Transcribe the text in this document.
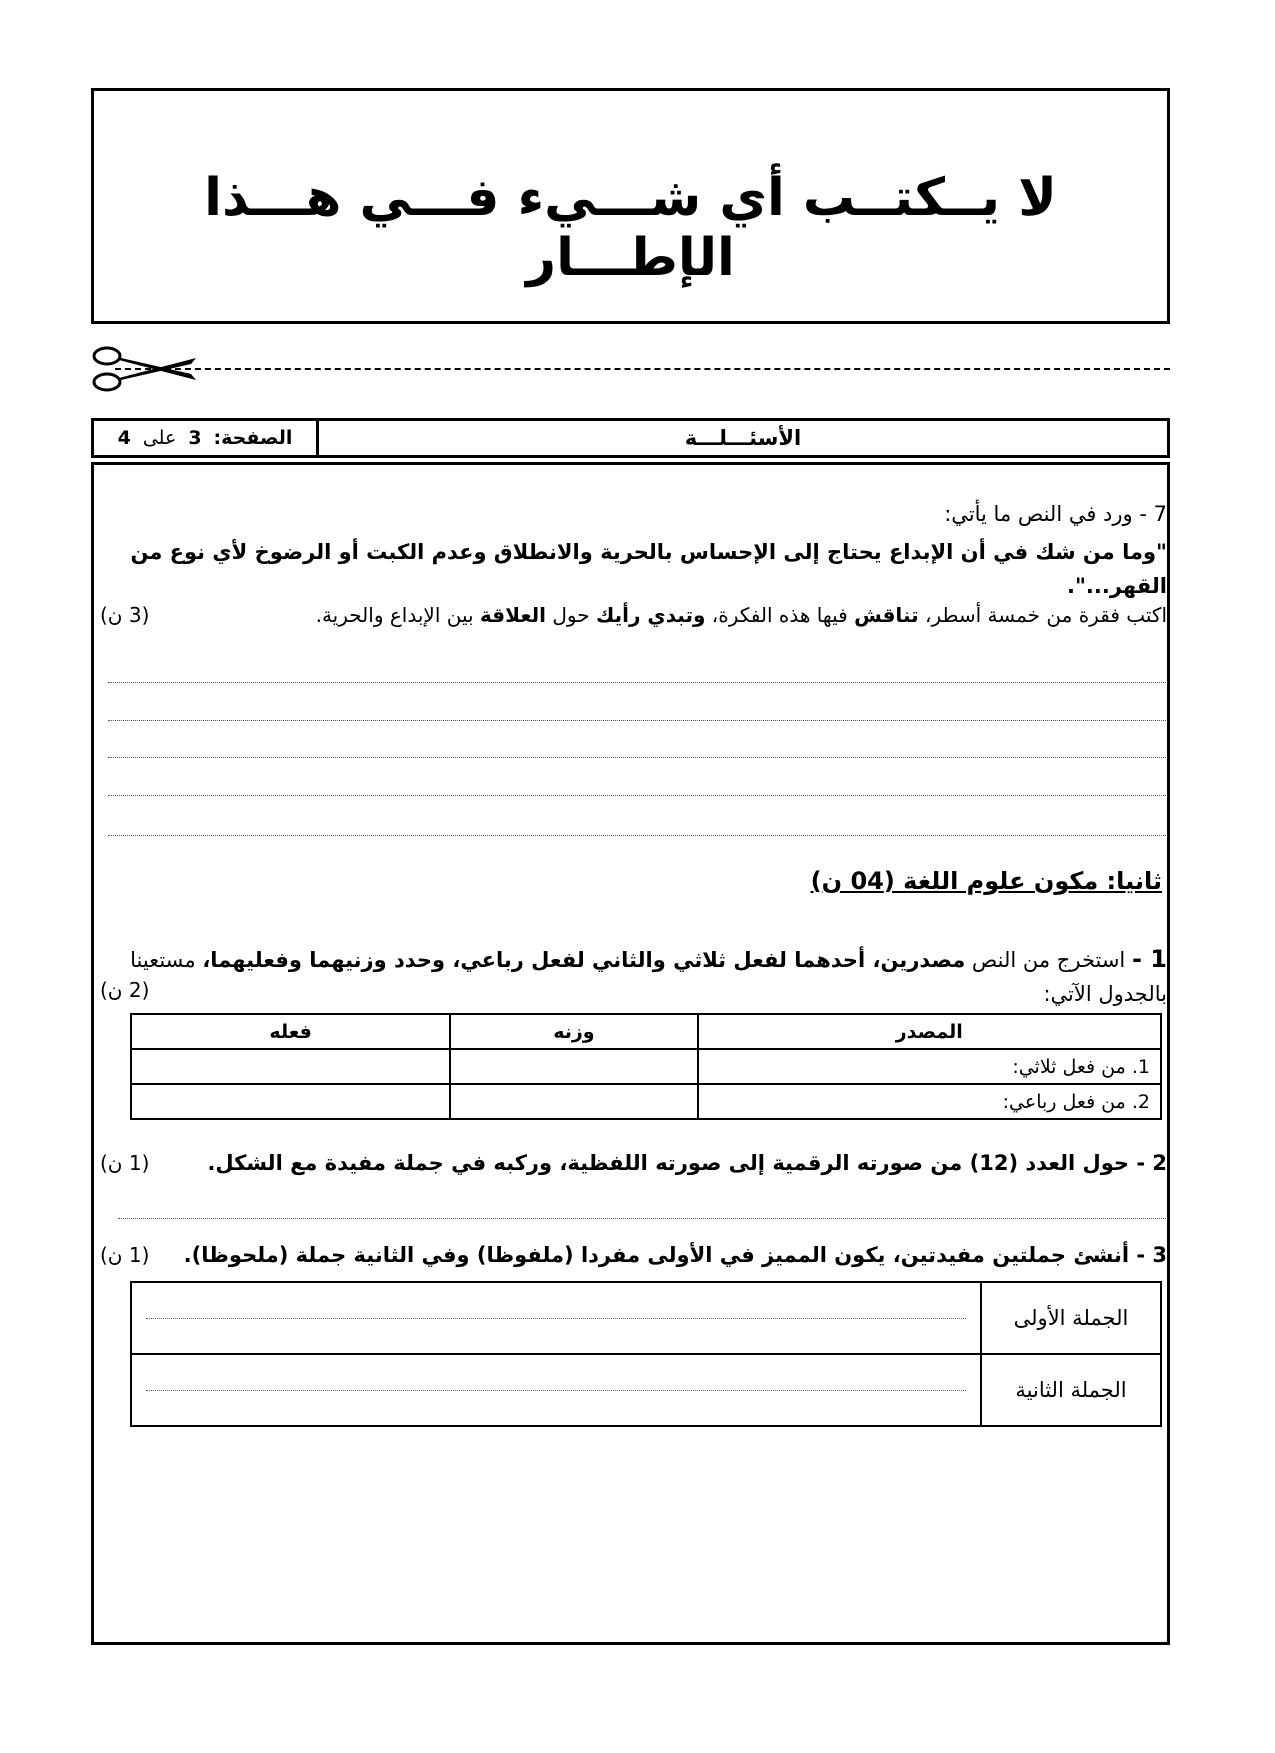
لا يــكتــب أي شـــيء فـــي هـــذا الإطـــار
الصفحة:
3
على
4	الأسئـــلـــة
7 - ورد في النص ما يأتي:
"وما من شك في أن الإبداع يحتاج إلى الإحساس بالحرية والانطلاق وعدم الكبت أو الرضوخ لأي نوع من القهر...".
اكتب فقرة من خمسة أسطر، تناقش فيها هذه الفكرة، وتبدي رأيك حول العلاقة بين الإبداع والحرية.
(3 ن)
ثانيا: مكون علوم اللغة (04 ن)
1 - استخرج من النص مصدرين، أحدهما لفعل ثلاثي والثاني لفعل رباعي، وحدد وزنيهما وفعليهما، مستعينا بالجدول الآتي:
(2 ن)
المصدر	وزنه	فعله
1. من فعل ثلاثي:		
2. من فعل رباعي:		
2 - حول العدد (12) من صورته الرقمية إلى صورته اللفظية، وركبه في جملة مفيدة مع الشكل.
(1 ن)
3 - أنشئ جملتين مفيدتين، يكون المميز في الأولى مفردا (ملفوظا) وفي الثانية جملة (ملحوظا).
(1 ن)
الجملة الأولى	

الجملة الثانية	
